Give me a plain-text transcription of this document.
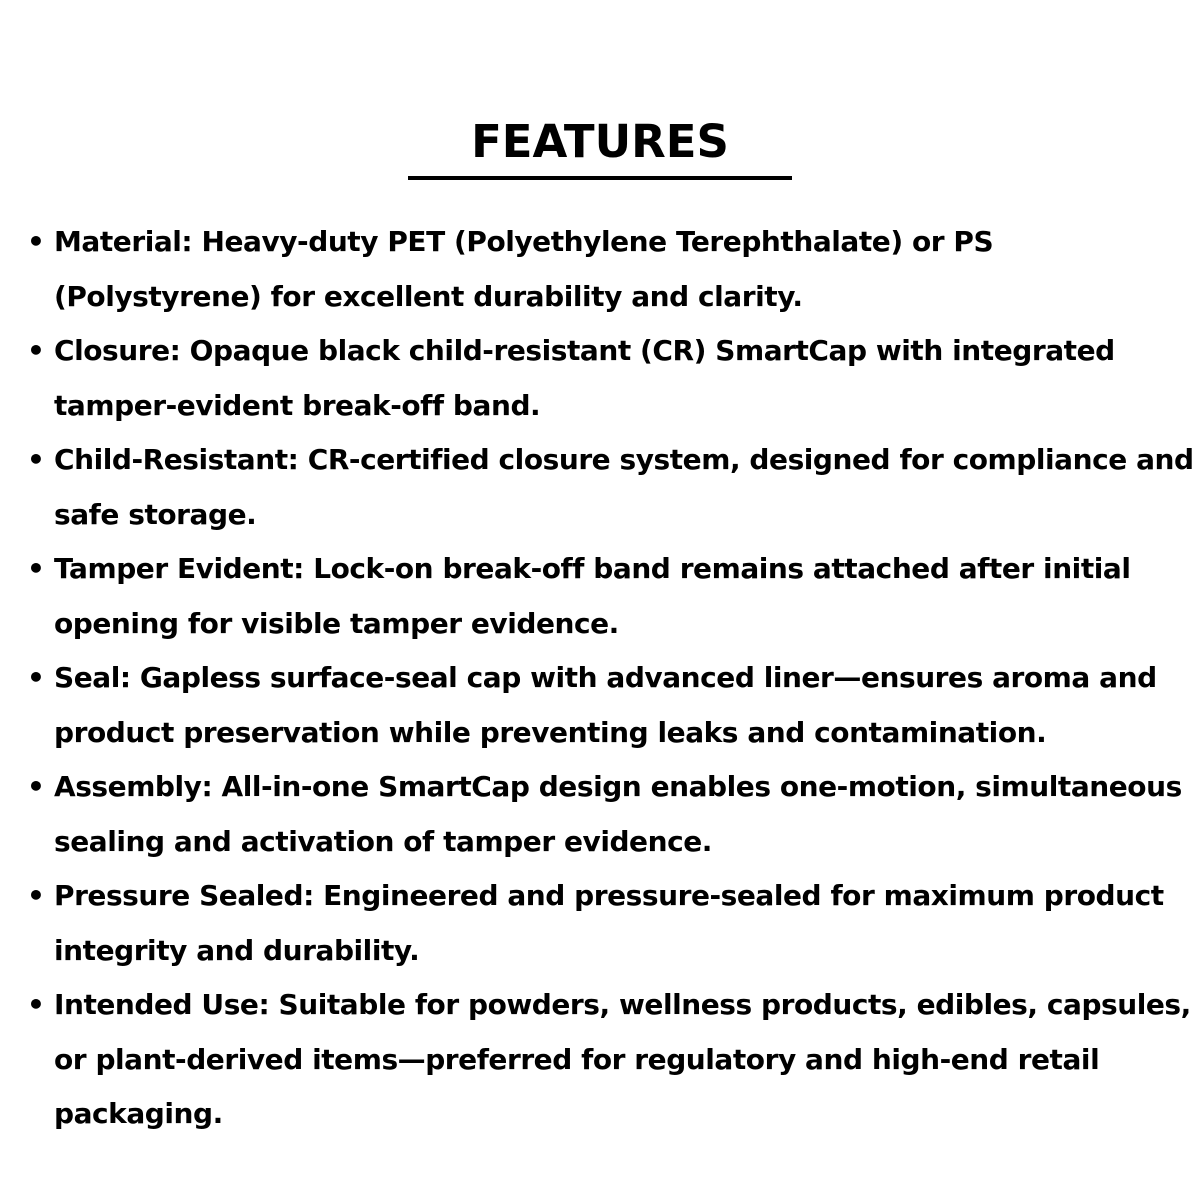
FEATURES
• Material: Heavy-duty PET (Polyethylene Terephthalate) or PS (Polystyrene) for excellent durability and clarity.
• Closure: Opaque black child-resistant (CR) SmartCap with integrated tamper-evident break-off band.
• Child-Resistant: CR-certified closure system, designed for compliance and safe storage.
• Tamper Evident: Lock-on break-off band remains attached after initial opening for visible tamper evidence.
• Seal: Gapless surface-seal cap with advanced liner—ensures aroma and product preservation while preventing leaks and contamination.
• Assembly: All-in-one SmartCap design enables one-motion, simultaneous sealing and activation of tamper evidence.
• Pressure Sealed: Engineered and pressure-sealed for maximum product integrity and durability.
• Intended Use: Suitable for powders, wellness products, edibles, capsules, or plant-derived items—preferred for regulatory and high-end retail packaging.
